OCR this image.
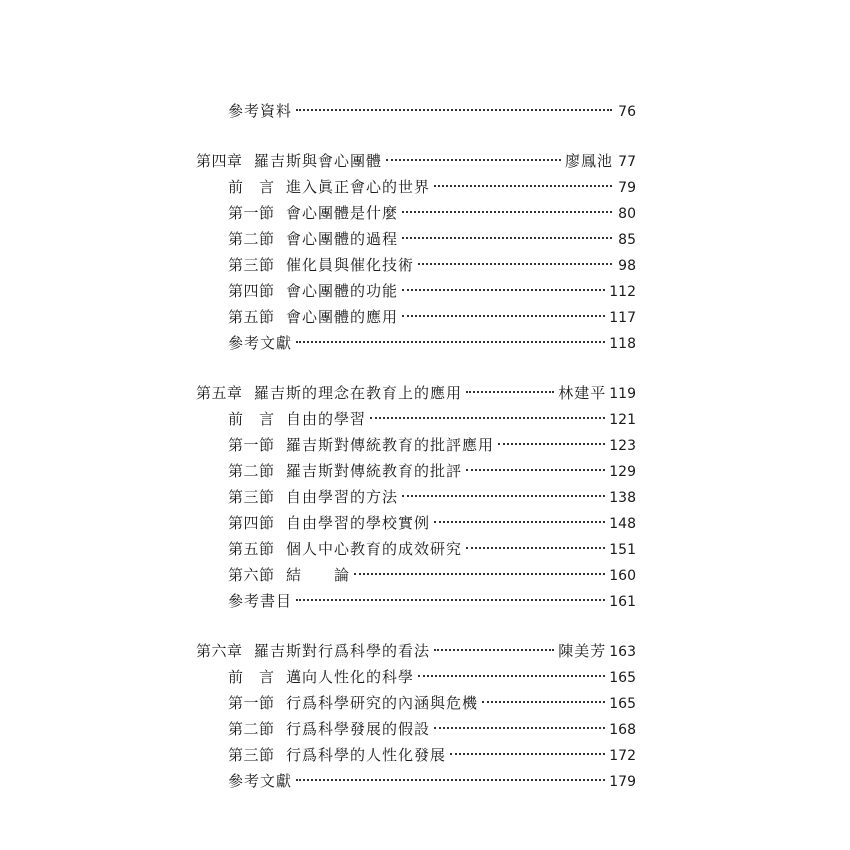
參考資料	76
第四章 羅吉斯與會心團體	廖鳳池 77
前　言 進入眞正會心的世界	79
第一節 會心團體是什麼	80
第二節 會心團體的過程	85
第三節 催化員與催化技術	98
第四節 會心團體的功能	112
第五節 會心團體的應用	117
參考文獻	118
第五章 羅吉斯的理念在教育上的應用	林建平 119
前　言 自由的學習	121
第一節 羅吉斯對傳統教育的批評應用	123
第二節 羅吉斯對傳統教育的批評	129
第三節 自由學習的方法	138
第四節 自由學習的學校實例	148
第五節 個人中心教育的成效研究	151
第六節 結　　論	160
參考書目	161
第六章 羅吉斯對行爲科學的看法	陳美芳 163
前　言 邁向人性化的科學	165
第一節 行爲科學研究的內涵與危機	165
第二節 行爲科學發展的假設	168
第三節 行爲科學的人性化發展	172
參考文獻	179
